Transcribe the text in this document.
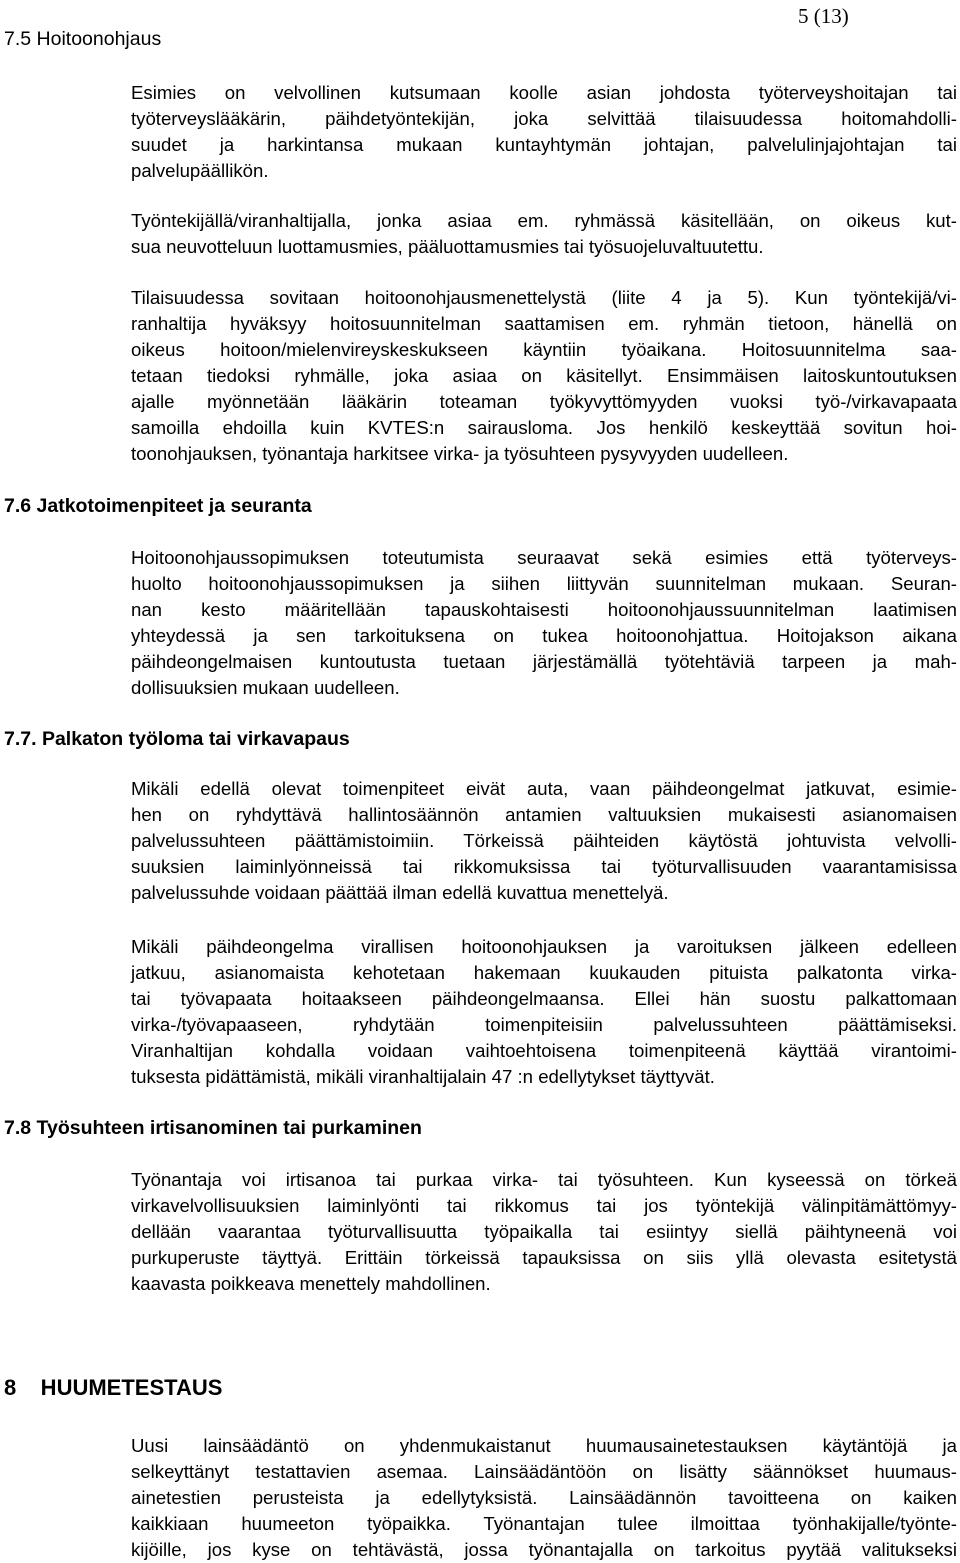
5 (13)
7.5 Hoitoonohjaus
Esimies on velvollinen kutsumaan koolle asian johdosta työterveyshoitajan tai
työterveyslääkärin, päihdetyöntekijän, joka selvittää tilaisuudessa hoitomahdolli-
suudet ja harkintansa mukaan kuntayhtymän johtajan, palvelulinjajohtajan tai
palvelupäällikön.
Työntekijällä/viranhaltijalla, jonka asiaa em. ryhmässä käsitellään, on oikeus kut-
sua neuvotteluun luottamusmies, pääluottamusmies tai työsuojeluvaltuutettu.
Tilaisuudessa sovitaan hoitoonohjausmenettelystä (liite 4 ja 5). Kun työntekijä/vi-
ranhaltija hyväksyy hoitosuunnitelman saattamisen em. ryhmän tietoon, hänellä on
oikeus hoitoon/mielenvireyskeskukseen käyntiin työaikana. Hoitosuunnitelma saa-
tetaan tiedoksi ryhmälle, joka asiaa on käsitellyt. Ensimmäisen laitoskuntoutuksen
ajalle myönnetään lääkärin toteaman työkyvyttömyyden vuoksi työ-/virkavapaata
samoilla ehdoilla kuin KVTES:n sairausloma. Jos henkilö keskeyttää sovitun hoi-
toonohjauksen, työnantaja harkitsee virka- ja työsuhteen pysyvyyden uudelleen.
7.6 Jatkotoimenpiteet ja seuranta
Hoitoonohjaussopimuksen toteutumista seuraavat sekä esimies että työterveys-
huolto hoitoonohjaussopimuksen ja siihen liittyvän suunnitelman mukaan. Seuran-
nan kesto määritellään tapauskohtaisesti hoitoonohjaussuunnitelman laatimisen
yhteydessä ja sen tarkoituksena on tukea hoitoonohjattua. Hoitojakson aikana
päihdeongelmaisen kuntoutusta tuetaan järjestämällä työtehtäviä tarpeen ja mah-
dollisuuksien mukaan uudelleen.
7.7. Palkaton työloma tai virkavapaus
Mikäli edellä olevat toimenpiteet eivät auta, vaan päihdeongelmat jatkuvat, esimie-
hen on ryhdyttävä hallintosäännön antamien valtuuksien mukaisesti asianomaisen
palvelussuhteen päättämistoimiin. Törkeissä päihteiden käytöstä johtuvista velvolli-
suuksien laiminlyönneissä tai rikkomuksissa tai työturvallisuuden vaarantamisissa
palvelussuhde voidaan päättää ilman edellä kuvattua menettelyä.
Mikäli päihdeongelma virallisen hoitoonohjauksen ja varoituksen jälkeen edelleen
jatkuu, asianomaista kehotetaan hakemaan kuukauden pituista palkatonta virka-
tai työvapaata hoitaakseen päihdeongelmaansa. Ellei hän suostu palkattomaan
virka-/työvapaaseen, ryhdytään toimenpiteisiin palvelussuhteen päättämiseksi.
Viranhaltijan kohdalla voidaan vaihtoehtoisena toimenpiteenä käyttää virantoimi-
tuksesta pidättämistä, mikäli viranhaltijalain 47 :n edellytykset täyttyvät.
7.8 Työsuhteen irtisanominen tai purkaminen
Työnantaja voi irtisanoa tai purkaa virka- tai työsuhteen. Kun kyseessä on törkeä
virkavelvollisuuksien laiminlyönti tai rikkomus tai jos työntekijä välinpitämättömyy-
dellään vaarantaa työturvallisuutta työpaikalla tai esiintyy siellä päihtyneenä voi
purkuperuste täyttyä. Erittäin törkeissä tapauksissa on siis yllä olevasta esitetystä
kaavasta poikkeava menettely mahdollinen.
8    HUUMETESTAUS
Uusi lainsäädäntö on yhdenmukaistanut huumausainetestauksen käytäntöjä ja
selkeyttänyt testattavien asemaa. Lainsäädäntöön on lisätty säännökset huumaus-
ainetestien perusteista ja edellytyksistä. Lainsäädännön tavoitteena on kaiken
kaikkiaan huumeeton työpaikka. Työnantajan tulee ilmoittaa työnhakijalle/työnte-
kijöille, jos kyse on tehtävästä, jossa työnantajalla on tarkoitus pyytää valitukseksi
